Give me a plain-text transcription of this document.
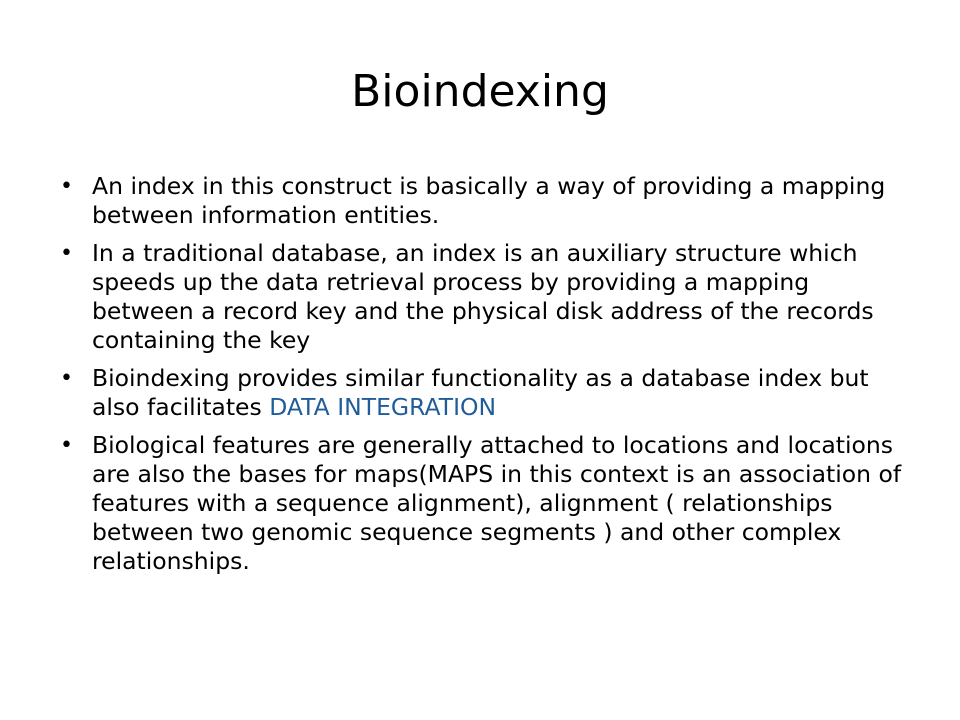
Bioindexing
• An index in this construct is basically a way of providing a mapping between information entities.
• In a traditional database, an index is an auxiliary structure which speeds up the data retrieval process by providing a mapping between a record key and the physical disk address of the records containing the key
• Bioindexing provides similar functionality as a database index but also facilitates DATA INTEGRATION
• Biological features are generally attached to locations and locations are also the bases for maps(MAPS in this context is an association of features with a sequence alignment), alignment ( relationships between two genomic sequence segments ) and other complex relationships.
